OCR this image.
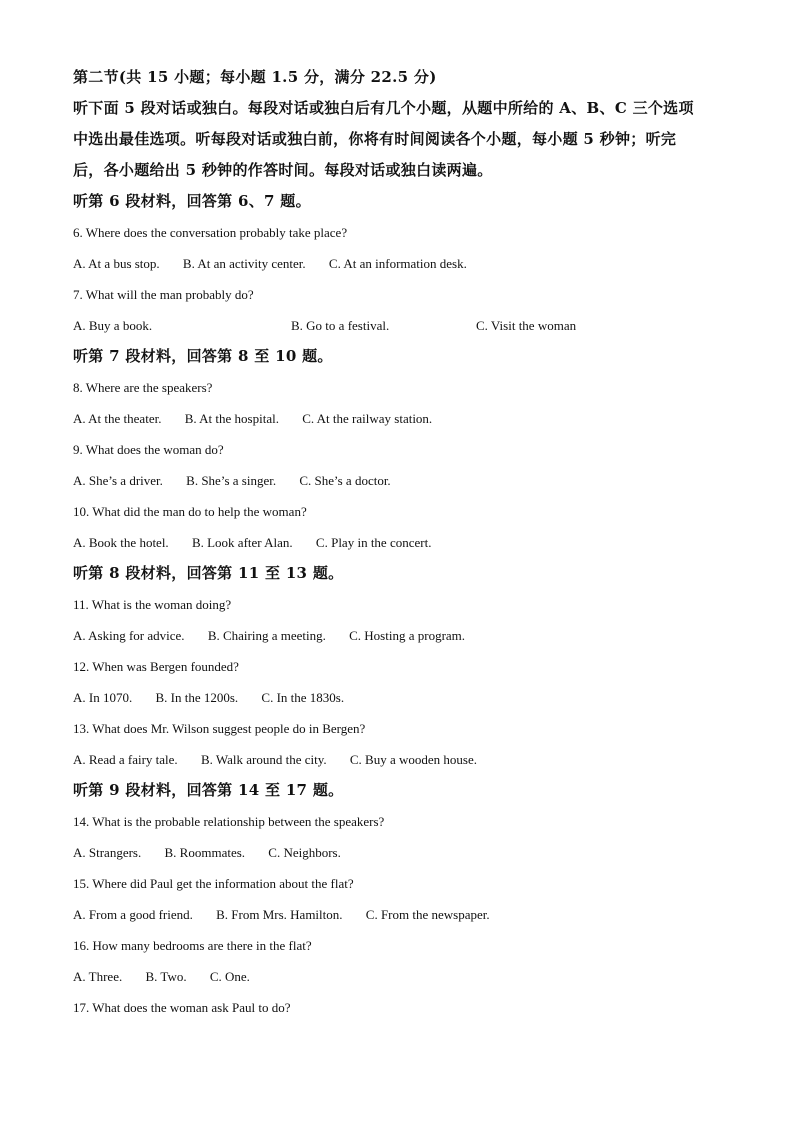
第二节(共 15 小题；每小题 1.5 分，满分 22.5 分)
听下面 5 段对话或独白。每段对话或独白后有几个小题，从题中所给的 A、B、C 三个选项
中选出最佳选项。听每段对话或独白前，你将有时间阅读各个小题，每小题 5 秒钟；听完
后，各小题给出 5 秒钟的作答时间。每段对话或独白读两遍。
听第 6 段材料，回答第 6、7 题。
6. Where does the conversation probably take place?
A. At a bus stop. B. At an activity center. C. At an information desk.
7. What will the man probably do?
A. Buy a book.	B. Go to a festival.	C. Visit the woman
听第 7 段材料，回答第 8 至 10 题。
8. Where are the speakers?
A. At the theater. B. At the hospital. C. At the railway station.
9. What does the woman do?
A. She’s a driver. B. She’s a singer. C. She’s a doctor.
10. What did the man do to help the woman?
A. Book the hotel. B. Look after Alan. C. Play in the concert.
听第 8 段材料，回答第 11 至 13 题。
11. What is the woman doing?
A. Asking for advice. B. Chairing a meeting. C. Hosting a program.
12. When was Bergen founded?
A. In 1070. B. In the 1200s. C. In the 1830s.
13. What does Mr. Wilson suggest people do in Bergen?
A. Read a fairy tale. B. Walk around the city. C. Buy a wooden house.
听第 9 段材料，回答第 14 至 17 题。
14. What is the probable relationship between the speakers?
A. Strangers. B. Roommates. C. Neighbors.
15. Where did Paul get the information about the flat?
A. From a good friend. B. From Mrs. Hamilton. C. From the newspaper.
16. How many bedrooms are there in the flat?
A. Three. B. Two. C. One.
17. What does the woman ask Paul to do?
